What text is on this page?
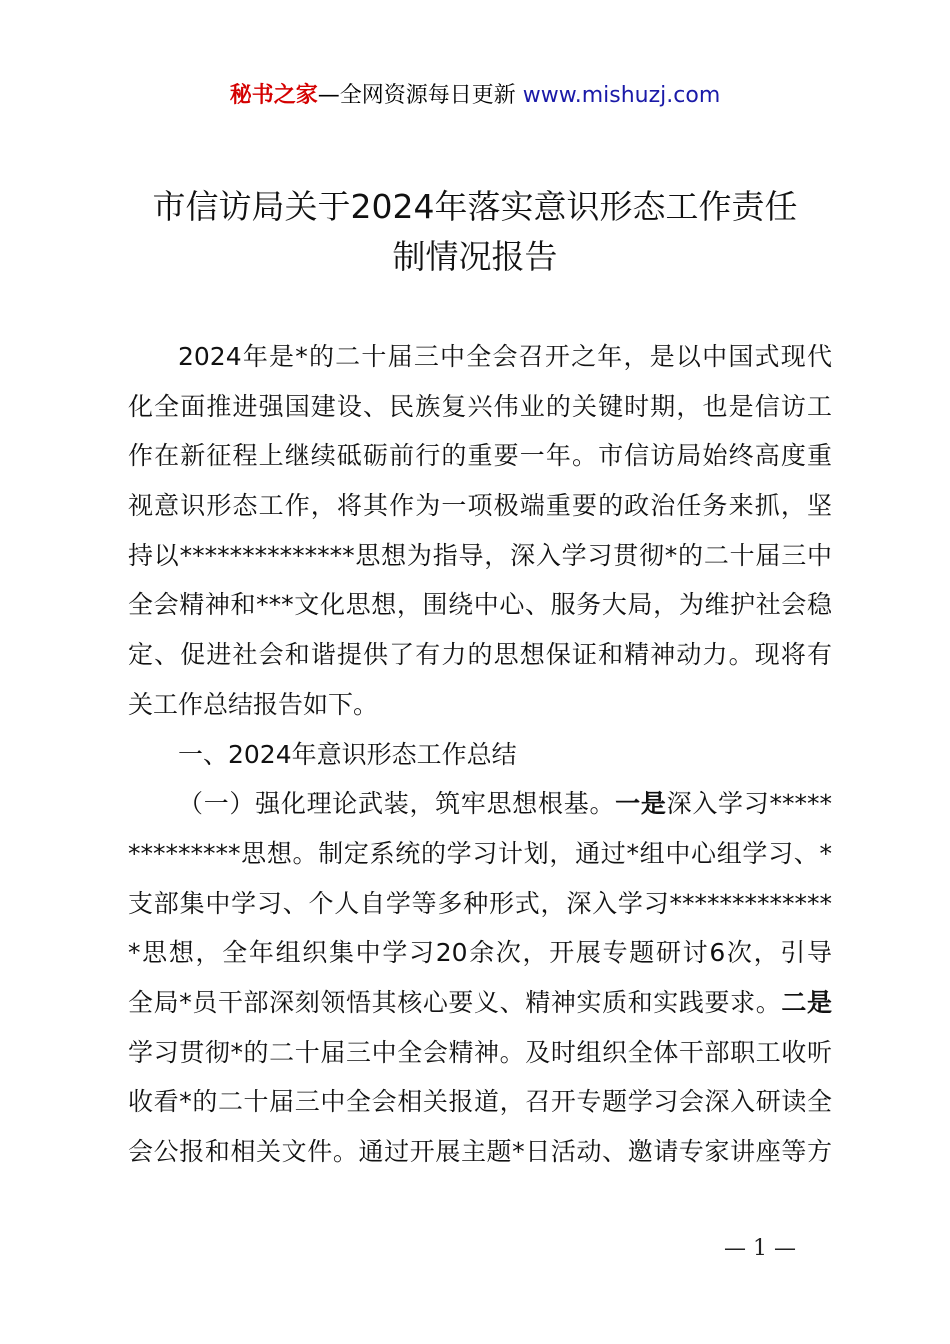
秘书之家—全网资源每日更新 www.mishuzj.com
市信访局关于2024年落实意识形态工作责任
制情况报告
2024年是*的二十届三中全会召开之年，是以中国式现代
化全面推进强国建设、民族复兴伟业的关键时期，也是信访工
作在新征程上继续砥砺前行的重要一年。市信访局始终高度重
视意识形态工作，将其作为一项极端重要的政治任务来抓，坚
持以**************思想为指导，深入学习贯彻*的二十届三中
全会精神和***文化思想，围绕中心、服务大局，为维护社会稳
定、促进社会和谐提供了有力的思想保证和精神动力。现将有
关工作总结报告如下。
一、2024年意识形态工作总结
（一）强化理论武装，筑牢思想根基。一是深入学习*****
*********思想。制定系统的学习计划，通过*组中心组学习、*
支部集中学习、个人自学等多种形式，深入学习*************
*思想，全年组织集中学习20余次，开展专题研讨6次，引导
全局*员干部深刻领悟其核心要义、精神实质和实践要求。二是
学习贯彻*的二十届三中全会精神。及时组织全体干部职工收听
收看*的二十届三中全会相关报道，召开专题学习会深入研读全
会公报和相关文件。通过开展主题*日活动、邀请专家讲座等方
— 1 —
